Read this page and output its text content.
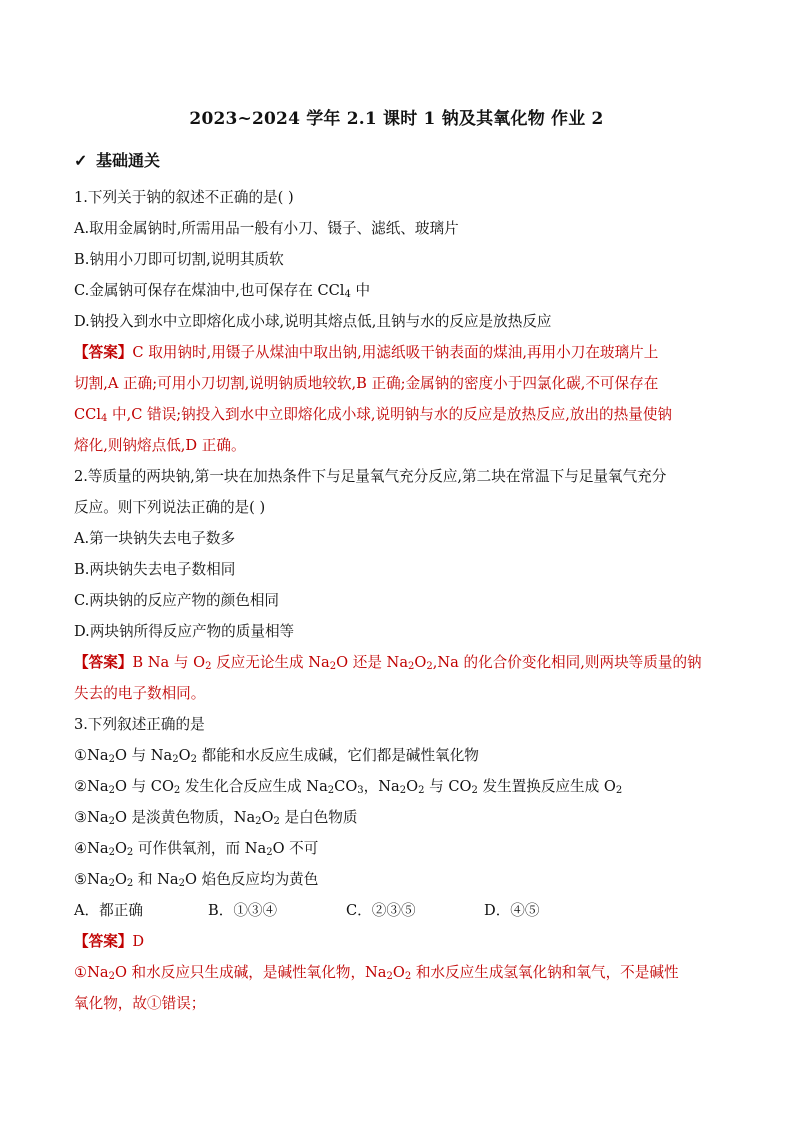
2023~2024 学年 2.1 课时 1 钠及其氧化物 作业 2
✓ 基础通关
1.下列关于钠的叙述不正确的是( )
A.取用金属钠时,所需用品一般有小刀、镊子、滤纸、玻璃片
B.钠用小刀即可切割,说明其质软
C.金属钠可保存在煤油中,也可保存在 CCl$_4$ 中
D.钠投入到水中立即熔化成小球,说明其熔点低,且钠与水的反应是放热反应
【答案】C 取用钠时,用镊子从煤油中取出钠,用滤纸吸干钠表面的煤油,再用小刀在玻璃片上
切割,A 正确;可用小刀切割,说明钠质地较软,B 正确;金属钠的密度小于四氯化碳,不可保存在
CCl$_4$ 中,C 错误;钠投入到水中立即熔化成小球,说明钠与水的反应是放热反应,放出的热量使钠
熔化,则钠熔点低,D 正确。
2.等质量的两块钠,第一块在加热条件下与足量氧气充分反应,第二块在常温下与足量氧气充分
反应。则下列说法正确的是( )
A.第一块钠失去电子数多
B.两块钠失去电子数相同
C.两块钠的反应产物的颜色相同
D.两块钠所得反应产物的质量相等
【答案】B Na 与 $O_2$ 反应无论生成 $Na_2O$ 还是 $Na_2O_2,Na$ 的化合价变化相同,则两块等质量的钠
失去的电子数相同。
3.下列叙述正确的是
$①Na_2O$ 与 $Na_2O_2$ 都能和水反应生成碱，它们都是碱性氧化物
$②Na_2O$ 与 $CO_2$ 发生化合反应生成 $Na_2CO_3$，$Na_2O_2$ 与 $CO_2$ 发生置换反应生成 $O_2$
$③Na_2O$ 是淡黄色物质，$Na_2O_2$ 是白色物质
$④Na_2O_2$ 可作供氧剂，而 $Na_2O$ 不可
$⑤Na_2O_2$ 和 $Na_2O$ 焰色反应均为黄色
A．都正确	B．①③④	C．②③⑤	D．④⑤
【答案】D
$①Na_2O$ 和水反应只生成碱，是碱性氧化物，$Na_2O_2$ 和水反应生成氢氧化钠和氧气，不是碱性
氧化物，故①错误；
